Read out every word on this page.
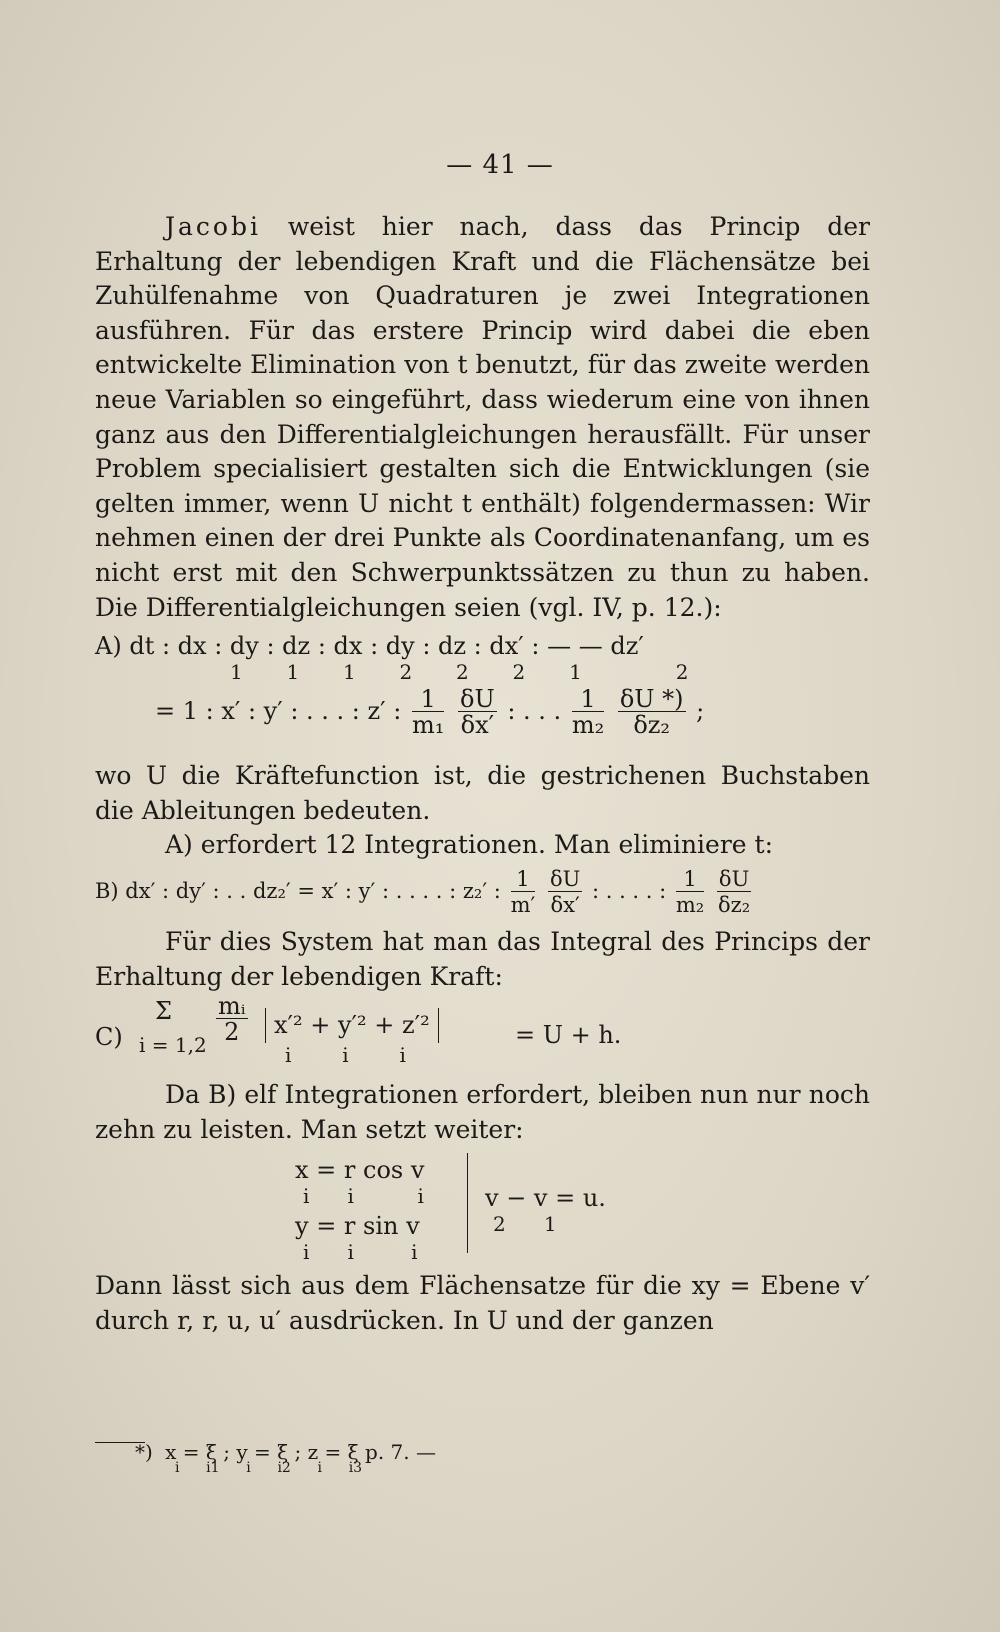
— 41 —

Jacobi weist hier nach, dass das Princip der Erhaltung der lebendigen Kraft und die Flächensätze bei Zuhülfenahme von Quadraturen je zwei Integrationen ausführen. Für das erstere Princip wird dabei die eben entwickelte Elimination von t benutzt, für das zweite werden neue Variablen so eingeführt, dass wiederum eine von ihnen ganz aus den Differentialgleichungen herausfällt. Für unser Problem specialisiert gestalten sich die Entwicklungen (sie gelten immer, wenn U nicht t enthält) folgendermassen: Wir nehmen einen der drei Punkte als Coordinatenanfang, um es nicht erst mit den Schwerpunktssätzen zu thun zu haben. Die Differentialgleichungen seien (vgl. IV, p. 12.):

A) dt : dx : dy : dz : dx : dy : dz : dx′ : — — dz′
1     1     1     2     2     2     1           2
= 1 : x′ : y′ : . . . : z′ : $\frac{1}{\text{m₁}}$
$\frac{\delta U}{\delta x'}$ : . . . $\frac{1}{\text{m₂}}$
$\frac{\delta U *)}{\text{δz₂}}$ ;

wo U die Kräftefunction ist, die gestrichenen Buchstaben die Ableitungen bedeuten.

A) erfordert 12 Integrationen. Man eliminiere t:

B) dx′ : dy′ : . . dz₂′ = x′ : y′ : . . . . : z₂′ : $\frac{1}{m'}$
$\frac{\delta U}{\delta x'}$ : . . . . : $\frac{1}{\text{m₂}}$
$\frac{\delta U}{\text{δz₂}}$

Für dies System hat man das Integral des Princips der Erhaltung der lebendigen Kraft:

C)
Σ
$i = 1,2 \frac{\text{mᵢ}}{2}$	x′² + y′² + z′²
i        i        i
= U + h.

Da B) elf Integrationen erfordert, bleiben nun nur noch zehn zu leisten. Man setzt weiter:

x = r cos v
i      i          i
y = r sin v
i      i         i
v − v = u.
2      1

Dann lässt sich aus dem Flächensatze für die xy = Ebene v′ durch r, r, u, u′ ausdrücken. In U und der ganzen

*) x = ξ ; y = ξ ; z = ξ p. 7. —
i      i1      i      i2      i      i3
